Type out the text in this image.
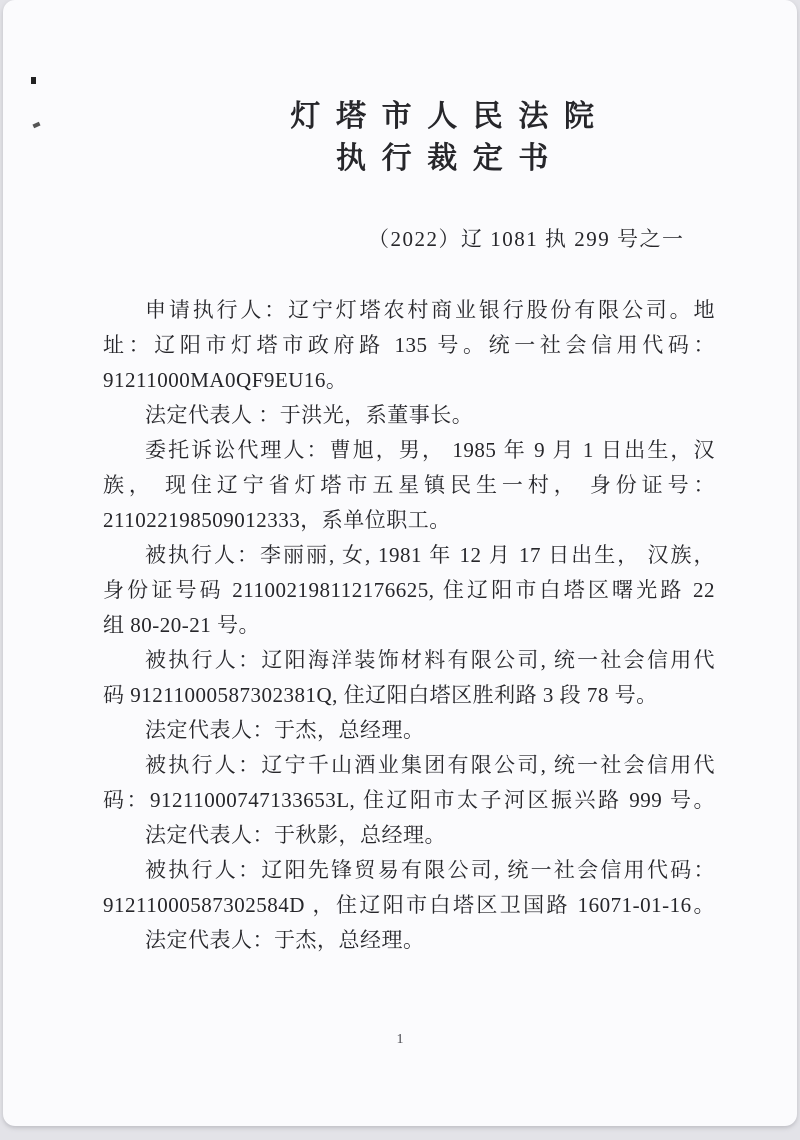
灯塔市人民法院
执行裁定书
（2022）辽 1081 执 299 号之一
申请执行人：辽宁灯塔农村商业银行股份有限公司。地
址：辽阳市灯塔市政府路 135 号。统一社会信用代码：
91211000MA0QF9EU16。
法定代表人 ：于洪光，系董事长。
委托诉讼代理人：曹旭，男， 1985 年 9 月 1 日出生，汉
族， 现住辽宁省灯塔市五星镇民生一村， 身份证号：
211022198509012333，系单位职工。
被执行人：李丽丽, 女, 1981 年 12 月 17 日出生， 汉族，
身份证号码 211002198112176625, 住辽阳市白塔区曙光路 22
组 80-20-21 号。
被执行人：辽阳海洋装饰材料有限公司, 统一社会信用代
码 91211000587302381Q, 住辽阳白塔区胜利路 3 段 78 号。
法定代表人：于杰，总经理。
被执行人：辽宁千山酒业集团有限公司, 统一社会信用代
码：91211000747133653L, 住辽阳市太子河区振兴路 999 号。
法定代表人：于秋影，总经理。
被执行人：辽阳先锋贸易有限公司, 统一社会信用代码：
91211000587302584D ，住辽阳市白塔区卫国路 16071-01-16。
法定代表人：于杰，总经理。
1
